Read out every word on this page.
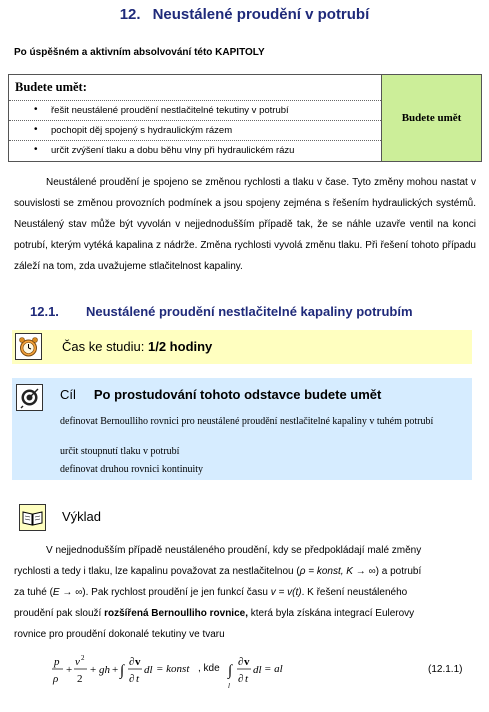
12. Neustálené proudění v potrubí
Po úspěšném a aktivním absolvování této KAPITOLY
Budete umět:
• řešit neustálené proudění nestlačitelné tekutiny v potrubí
• pochopit děj spojený s hydraulickým rázem
• určit zvýšení tlaku a dobu běhu vlny při hydraulickém rázu
Budete umět
Neustálené proudění je spojeno se změnou rychlosti a tlaku v čase. Tyto změny mohou nastat v souvislosti se změnou provozních podmínek a jsou spojeny zejména s řešením hydraulických systémů. Neustálený stav může být vyvolán v nejjednodušším případě tak, že se náhle uzavře ventil na konci potrubí, kterým vytéká kapalina z nádrže. Změna rychlosti vyvolá změnu tlaku. Při řešení tohoto případu záleží na tom, zda uvažujeme stlačitelnost kapaliny.
12.1. Neustálené proudění nestlačitelné kapaliny potrubím
Čas ke studiu: 1/2 hodiny
Cíl Po prostudování tohoto odstavce budete umět
definovat Bernoulliho rovnici pro neustálené proudění nestlačitelné kapaliny v tuhém potrubí
určit stoupnutí tlaku v potrubí
definovat druhou rovnici kontinuity
Výklad
V nejjednodušším případě neustáleného proudění, kdy se předpokládají malé změny
rychlosti a tedy i tlaku, lze kapalinu považovat za nestlačitelnou (ρ = konst, K → ∞) a potrubí
za tuhé (E → ∞). Pak rychlost proudění je jen funkcí času v = v(t). K řešení neustáleného
proudění pak slouží rozšířená Bernoulliho rovnice, která byla získána integrací Eulerovy
rovnice pro proudění dokonalé tekutiny ve tvaru
p
ρ
+
v 2
2
+ gh + ∫
∂ v
∂ t
dl = konst , kde ∫
l
∂ v
∂ t
dl = al	(12.1.1)
